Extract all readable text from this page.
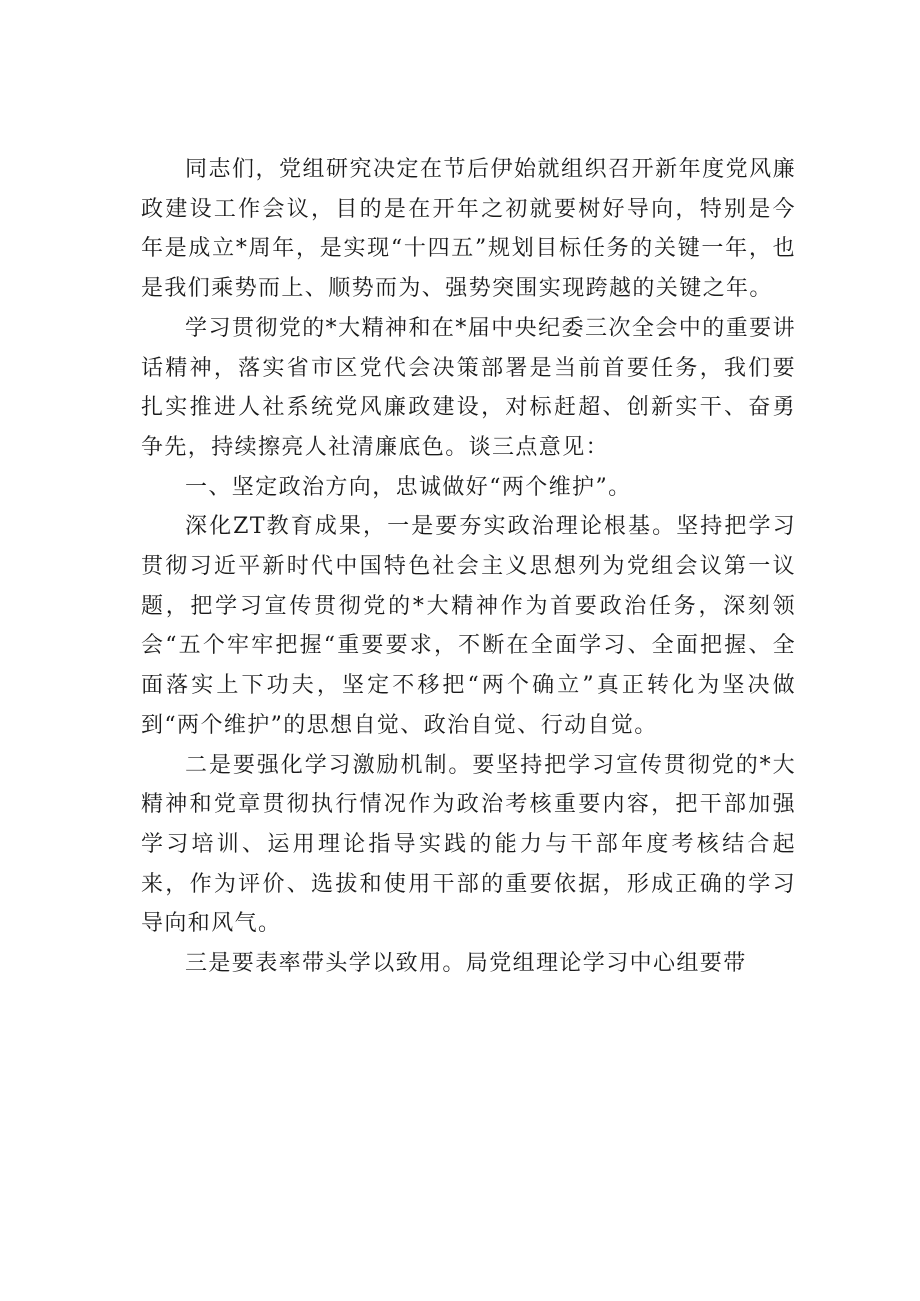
同志们，党组研究决定在节后伊始就组织召开新年度党风廉政建设工作会议，目的是在开年之初就要树好导向，特别是今年是成立*周年，是实现“十四五”规划目标任务的关键一年，也是我们乘势而上、顺势而为、强势突围实现跨越的关键之年。

学习贯彻党的*大精神和在*届中央纪委三次全会中的重要讲话精神，落实省市区党代会决策部署是当前首要任务，我们要扎实推进人社系统党风廉政建设，对标赶超、创新实干、奋勇争先，持续擦亮人社清廉底色。谈三点意见：

一、坚定政治方向，忠诚做好“两个维护”。

深化ZT教育成果，一是要夯实政治理论根基。坚持把学习贯彻习近平新时代中国特色社会主义思想列为党组会议第一议题，把学习宣传贯彻党的*大精神作为首要政治任务，深刻领会“五个牢牢把握“重要要求，不断在全面学习、全面把握、全面落实上下功夫，坚定不移把“两个确立”真正转化为坚决做到“两个维护”的思想自觉、政治自觉、行动自觉。

二是要强化学习激励机制。要坚持把学习宣传贯彻党的*大精神和党章贯彻执行情况作为政治考核重要内容，把干部加强学习培训、运用理论指导实践的能力与干部年度考核结合起来，作为评价、选拔和使用干部的重要依据，形成正确的学习导向和风气。

三是要表率带头学以致用。局党组理论学习中心组要带
